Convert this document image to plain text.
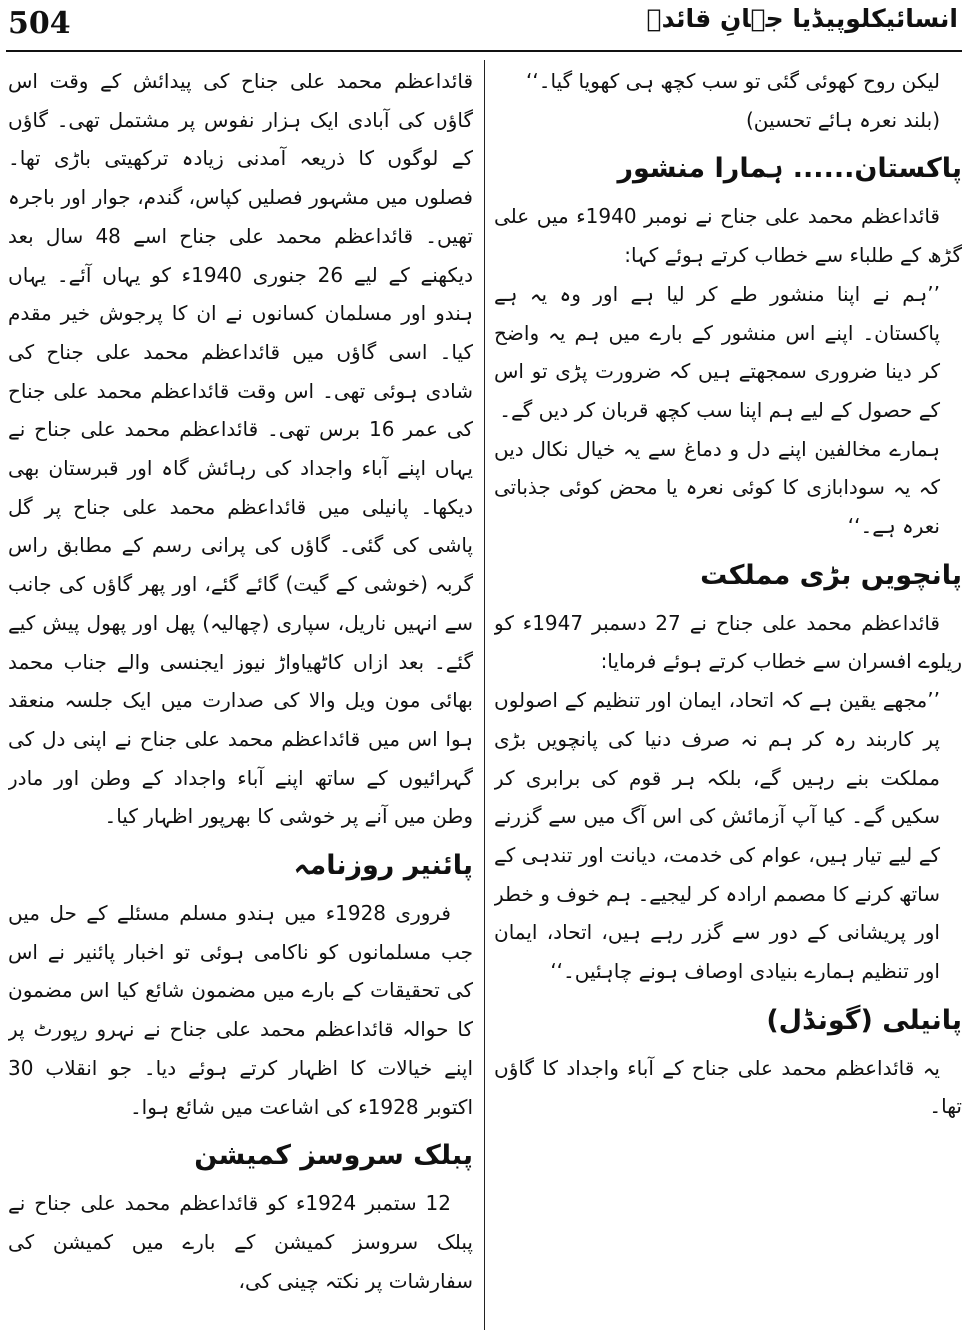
504	انسائیکلوپیڈیا جہانِ قائدؒ

لیکن روح کھوئی گئی تو سب کچھ ہی کھویا گیا۔‘‘

(بلند نعرہ ہائے تحسین)

پاکستان...... ہمارا منشور

قائداعظم محمد علی جناح نے نومبر 1940ء میں علی گڑھ کے طلباء سے خطاب کرتے ہوئے کہا:

’’ہم نے اپنا منشور طے کر لیا ہے اور وہ یہ ہے پاکستان۔ اپنے اس منشور کے بارے میں ہم یہ واضح کر دینا ضروری سمجھتے ہیں کہ ضرورت پڑی تو اس کے حصول کے لیے ہم اپنا سب کچھ قربان کر دیں گے۔

ہمارے مخالفین اپنے دل و دماغ سے یہ خیال نکال دیں کہ یہ سودابازی کا کوئی نعرہ یا محض کوئی جذباتی نعرہ ہے۔‘‘

پانچویں بڑی مملکت

قائداعظم محمد علی جناح نے 27 دسمبر 1947ء کو ریلوے افسران سے خطاب کرتے ہوئے فرمایا:

’’مجھے یقین ہے کہ اتحاد، ایمان اور تنظیم کے اصولوں پر کاربند رہ کر ہم نہ صرف دنیا کی پانچویں بڑی مملکت بنے رہیں گے، بلکہ ہر قوم کی برابری کر سکیں گے۔ کیا آپ آزمائش کی اس آگ میں سے گزرنے کے لیے تیار ہیں، عوام کی خدمت، دیانت اور تندہی کے ساتھ کرنے کا مصمم ارادہ کر لیجیے۔ ہم خوف و خطر اور پریشانی کے دور سے گزر رہے ہیں، اتحاد، ایمان اور تنظیم ہمارے بنیادی اوصاف ہونے چاہئیں۔‘‘

پانیلی (گونڈل)

یہ قائداعظم محمد علی جناح کے آباء واجداد کا گاؤں تھا۔

قائداعظم محمد علی جناح کی پیدائش کے وقت اس گاؤں کی آبادی ایک ہزار نفوس پر مشتمل تھی۔ گاؤں کے لوگوں کا ذریعہ آمدنی زیادہ ترکھیتی باڑی تھا۔ فصلوں میں مشہور فصلیں کپاس، گندم، جوار اور باجرہ تھیں۔ قائداعظم محمد علی جناح اسے 48 سال بعد دیکھنے کے لیے 26 جنوری 1940ء کو یہاں آئے۔ یہاں ہندو اور مسلمان کسانوں نے ان کا پرجوش خیر مقدم کیا۔ اسی گاؤں میں قائداعظم محمد علی جناح کی شادی ہوئی تھی۔ اس وقت قائداعظم محمد علی جناح کی عمر 16 برس تھی۔ قائداعظم محمد علی جناح نے یہاں اپنے آباء واجداد کی رہائش گاہ اور قبرستان بھی دیکھا۔ پانیلی میں قائداعظم محمد علی جناح پر گل پاشی کی گئی۔ گاؤں کی پرانی رسم کے مطابق راس گربہ (خوشی کے گیت) گائے گئے، اور پھر گاؤں کی جانب سے انہیں ناریل، سپاری (چھالیہ) پھل اور پھول پیش کیے گئے۔ بعد ازاں کاٹھیاواڑ نیوز ایجنسی والے جناب محمد بھائی مون ویل والا کی صدارت میں ایک جلسہ منعقد ہوا اس میں قائداعظم محمد علی جناح نے اپنی دل کی گہرائیوں کے ساتھ اپنے آباء واجداد کے وطن اور مادر وطن میں آنے پر خوشی کا بھرپور اظہار کیا۔

پائنیر روزنامہ

فروری 1928ء میں ہندو مسلم مسئلے کے حل میں جب مسلمانوں کو ناکامی ہوئی تو اخبار پائنیر نے اس کی تحقیقات کے بارے میں مضمون شائع کیا اس مضمون کا حوالہ قائداعظم محمد علی جناح نے نہرو رپورٹ پر اپنے خیالات کا اظہار کرتے ہوئے دیا۔ جو انقلاب 30 اکتوبر 1928ء کی اشاعت میں شائع ہوا۔

پبلک سروسز کمیشن

12 ستمبر 1924ء کو قائداعظم محمد علی جناح نے پبلک سروسز کمیشن کے بارے میں کمیشن کی سفارشات پر نکتہ چینی کی،
